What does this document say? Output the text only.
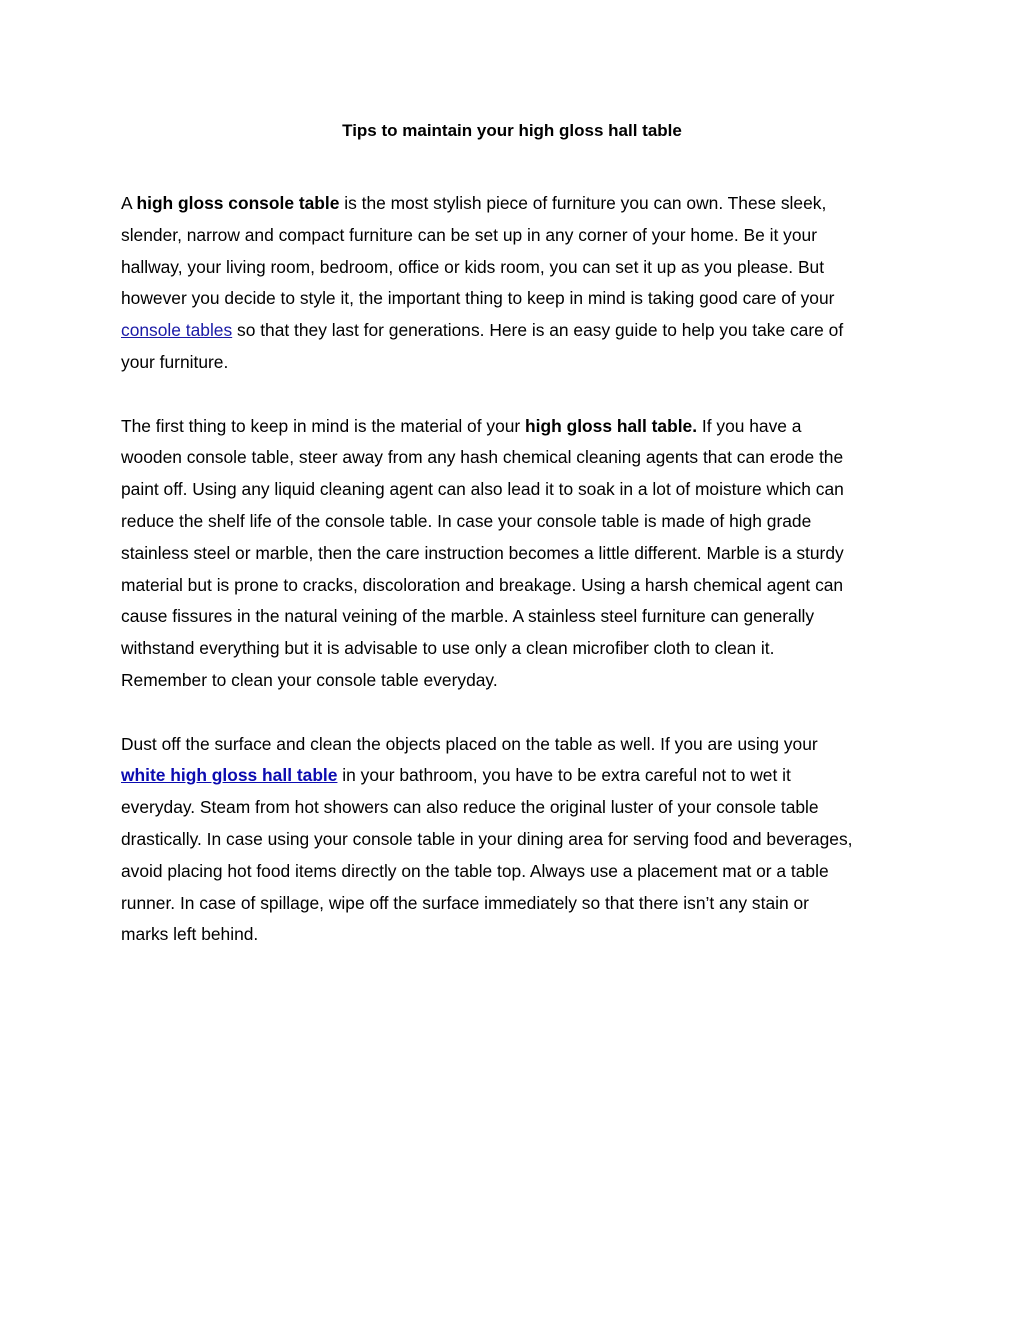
Tips to maintain your high gloss hall table

A high gloss console table is the most stylish piece of furniture you can own. These sleek,
slender, narrow and compact furniture can be set up in any corner of your home. Be it your
hallway, your living room, bedroom, office or kids room, you can set it up as you please. But
however you decide to style it, the important thing to keep in mind is taking good care of your
console tables so that they last for generations. Here is an easy guide to help you take care of
your furniture.

The first thing to keep in mind is the material of your high gloss hall table. If you have a
wooden console table, steer away from any hash chemical cleaning agents that can erode the
paint off. Using any liquid cleaning agent can also lead it to soak in a lot of moisture which can
reduce the shelf life of the console table. In case your console table is made of high grade
stainless steel or marble, then the care instruction becomes a little different. Marble is a sturdy
material but is prone to cracks, discoloration and breakage. Using a harsh chemical agent can
cause fissures in the natural veining of the marble. A stainless steel furniture can generally
withstand everything but it is advisable to use only a clean microfiber cloth to clean it.
Remember to clean your console table everyday.

Dust off the surface and clean the objects placed on the table as well. If you are using your
white high gloss hall table in your bathroom, you have to be extra careful not to wet it
everyday. Steam from hot showers can also reduce the original luster of your console table
drastically. In case using your console table in your dining area for serving food and beverages,
avoid placing hot food items directly on the table top. Always use a placement mat or a table
runner. In case of spillage, wipe off the surface immediately so that there isn’t any stain or
marks left behind.
